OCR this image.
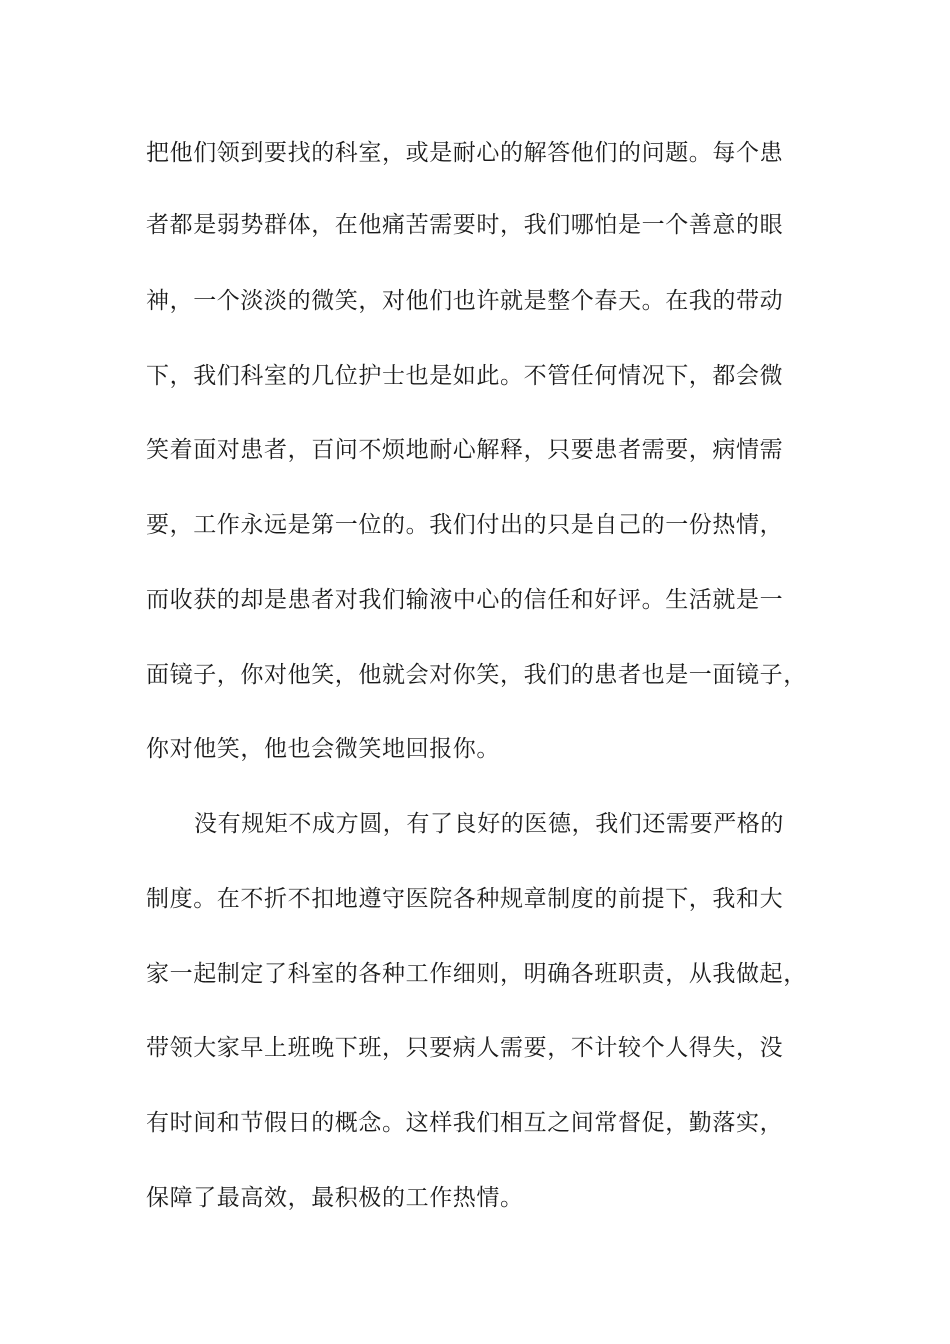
把他们领到要找的科室，或是耐心的解答他们的问题。每个患
者都是弱势群体，在他痛苦需要时，我们哪怕是一个善意的眼
神，一个淡淡的微笑，对他们也许就是整个春天。在我的带动
下，我们科室的几位护士也是如此。不管任何情况下，都会微
笑着面对患者，百问不烦地耐心解释，只要患者需要，病情需
要，工作永远是第一位的。我们付出的只是自己的一份热情，
而收获的却是患者对我们输液中心的信任和好评。生活就是一
面镜子，你对他笑，他就会对你笑，我们的患者也是一面镜子，
你对他笑，他也会微笑地回报你。
没有规矩不成方圆，有了良好的医德，我们还需要严格的
制度。在不折不扣地遵守医院各种规章制度的前提下，我和大
家一起制定了科室的各种工作细则，明确各班职责，从我做起，
带领大家早上班晚下班，只要病人需要，不计较个人得失，没
有时间和节假日的概念。这样我们相互之间常督促，勤落实，
保障了最高效，最积极的工作热情。
